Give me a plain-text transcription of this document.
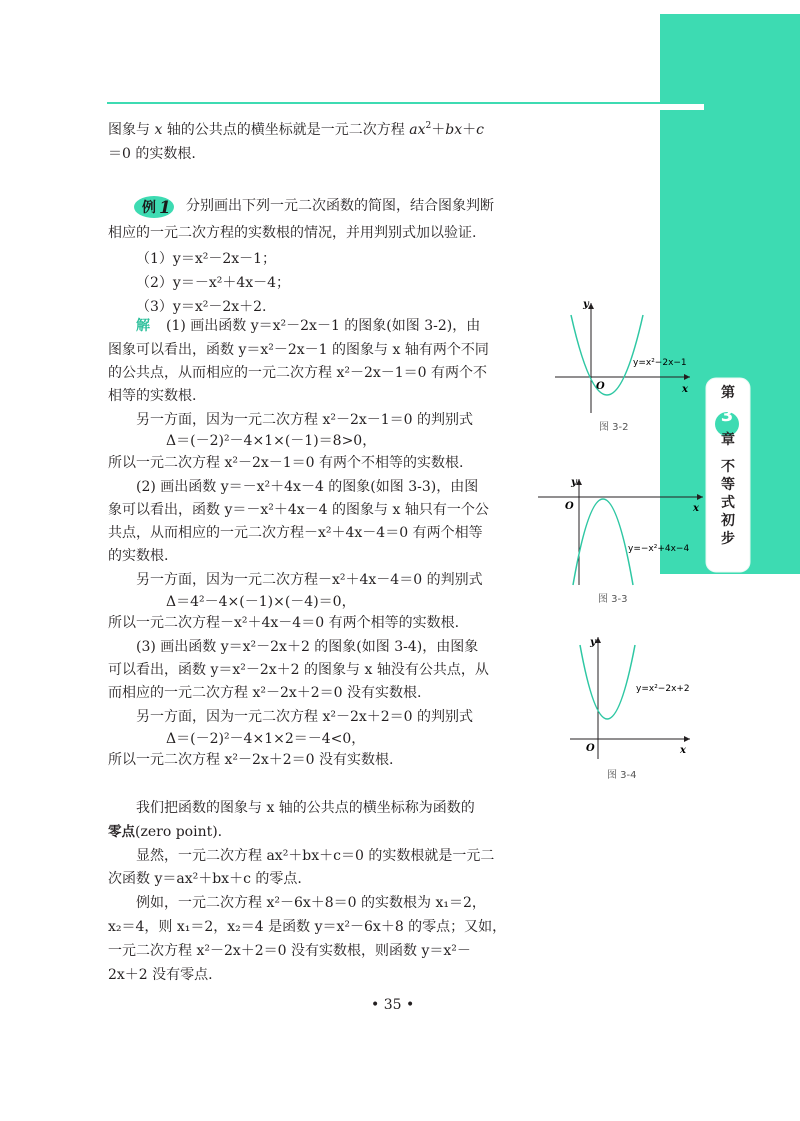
第
3
章
不
等
式
初
步
图象与 x 轴的公共点的横坐标就是一元二次方程 $ax^2+bx+c$
＝0 的实数根.
例 1 分别画出下列一元二次函数的简图，结合图象判断
相应的一元二次方程的实数根的情况，并用判别式加以验证.
（1）y＝x²－2x－1；
（2）y＝－x²＋4x－4；
（3）y＝x²－2x＋2.
解 (1) 画出函数 y＝x²－2x－1 的图象(如图 3-2)，由
图象可以看出，函数 y＝x²－2x－1 的图象与 x 轴有两个不同
的公共点，从而相应的一元二次方程 x²－2x－1＝0 有两个不
相等的实数根.
另一方面，因为一元二次方程 x²－2x－1＝0 的判别式
Δ＝(－2)²－4×1×(－1)＝8>0，
所以一元二次方程 x²－2x－1＝0 有两个不相等的实数根.
(2) 画出函数 y＝－x²＋4x－4 的图象(如图 3-3)，由图
象可以看出，函数 y＝－x²＋4x－4 的图象与 x 轴只有一个公
共点，从而相应的一元二次方程－x²＋4x－4＝0 有两个相等
的实数根.
另一方面，因为一元二次方程－x²＋4x－4＝0 的判别式
Δ＝4²－4×(－1)×(－4)＝0，
所以一元二次方程－x²＋4x－4＝0 有两个相等的实数根.
(3) 画出函数 y＝x²－2x＋2 的图象(如图 3-4)，由图象
可以看出，函数 y＝x²－2x＋2 的图象与 x 轴没有公共点，从
而相应的一元二次方程 x²－2x＋2＝0 没有实数根.
另一方面，因为一元二次方程 x²－2x＋2＝0 的判别式
Δ＝(－2)²－4×1×2＝－4<0，
所以一元二次方程 x²－2x＋2＝0 没有实数根.
我们把函数的图象与 x 轴的公共点的横坐标称为函数的
零点(zero point).
显然，一元二次方程 ax²＋bx＋c＝0 的实数根就是一元二
次函数 y＝ax²＋bx＋c 的零点.
例如，一元二次方程 x²－6x＋8＝0 的实数根为 x₁＝2，
x₂＝4，则 x₁＝2，x₂＝4 是函数 y＝x²－6x＋8 的零点；又如，
一元二次方程 x²－2x＋2＝0 没有实数根，则函数 y＝x²－
2x＋2 没有零点.
y
x
O
y=x²−2x−1
图 3-2
y
x
O
y=−x²+4x−4
图 3-3
y
x
O
y=x²−2x+2
图 3-4
• 35 •
